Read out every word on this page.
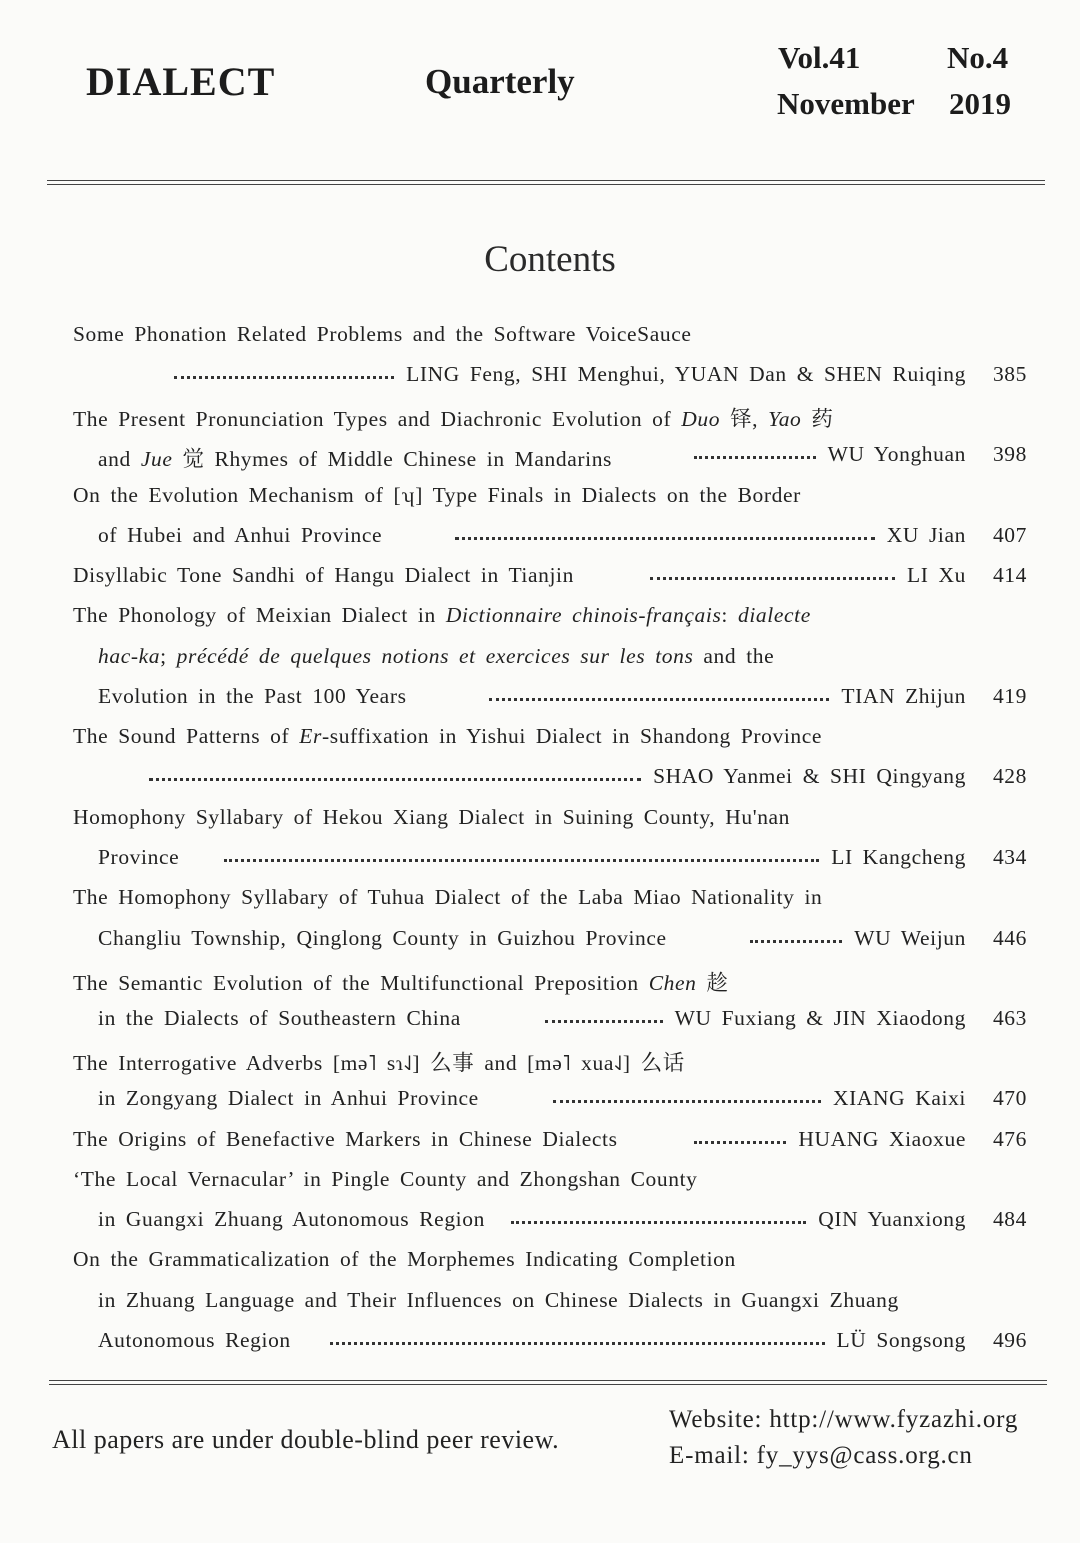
DIALECT	Quarterly
Vol.41	No.4
November 2019
Contents
Some Phonation Related Problems and the Software VoiceSauce
LING Feng, SHI Menghui, YUAN Dan & SHEN Ruiqing 385
The Present Pronunciation Types and Diachronic Evolution of Duo 铎, Yao 药
and Jue 觉 Rhymes of Middle Chinese in Mandarins	WU Yonghuan 398
On the Evolution Mechanism of [ʮ] Type Finals in Dialects on the Border
of Hubei and Anhui Province	XU Jian 407
Disyllabic Tone Sandhi of Hangu Dialect in Tianjin	LI Xu 414
The Phonology of Meixian Dialect in Dictionnaire chinois-français: dialecte
hac-ka; précédé de quelques notions et exercices sur les tons and the
Evolution in the Past 100 Years	TIAN Zhijun 419
The Sound Patterns of Er-suffixation in Yishui Dialect in Shandong Province
SHAO Yanmei & SHI Qingyang 428
Homophony Syllabary of Hekou Xiang Dialect in Suining County, Hu'nan
Province	LI Kangcheng 434
The Homophony Syllabary of Tuhua Dialect of the Laba Miao Nationality in
Changliu Township, Qinglong County in Guizhou Province	WU Weijun 446
The Semantic Evolution of the Multifunctional Preposition Chen 趁
in the Dialects of Southeastern China	WU Fuxiang & JIN Xiaodong 463
The Interrogative Adverbs [mə˥ sɿ˨˩] 么事 and [mə˥ xua˨˩] 么话
in Zongyang Dialect in Anhui Province	XIANG Kaixi 470
The Origins of Benefactive Markers in Chinese Dialects	HUANG Xiaoxue 476
‘The Local Vernacular’ in Pingle County and Zhongshan County
in Guangxi Zhuang Autonomous Region	QIN Yuanxiong 484
On the Grammaticalization of the Morphemes Indicating Completion
in Zhuang Language and Their Influences on Chinese Dialects in Guangxi Zhuang
Autonomous Region	LÜ Songsong 496
All papers are under double-blind peer review.
Website: http://www.fyzazhi.org
E-mail: fy_yys@cass.org.cn
